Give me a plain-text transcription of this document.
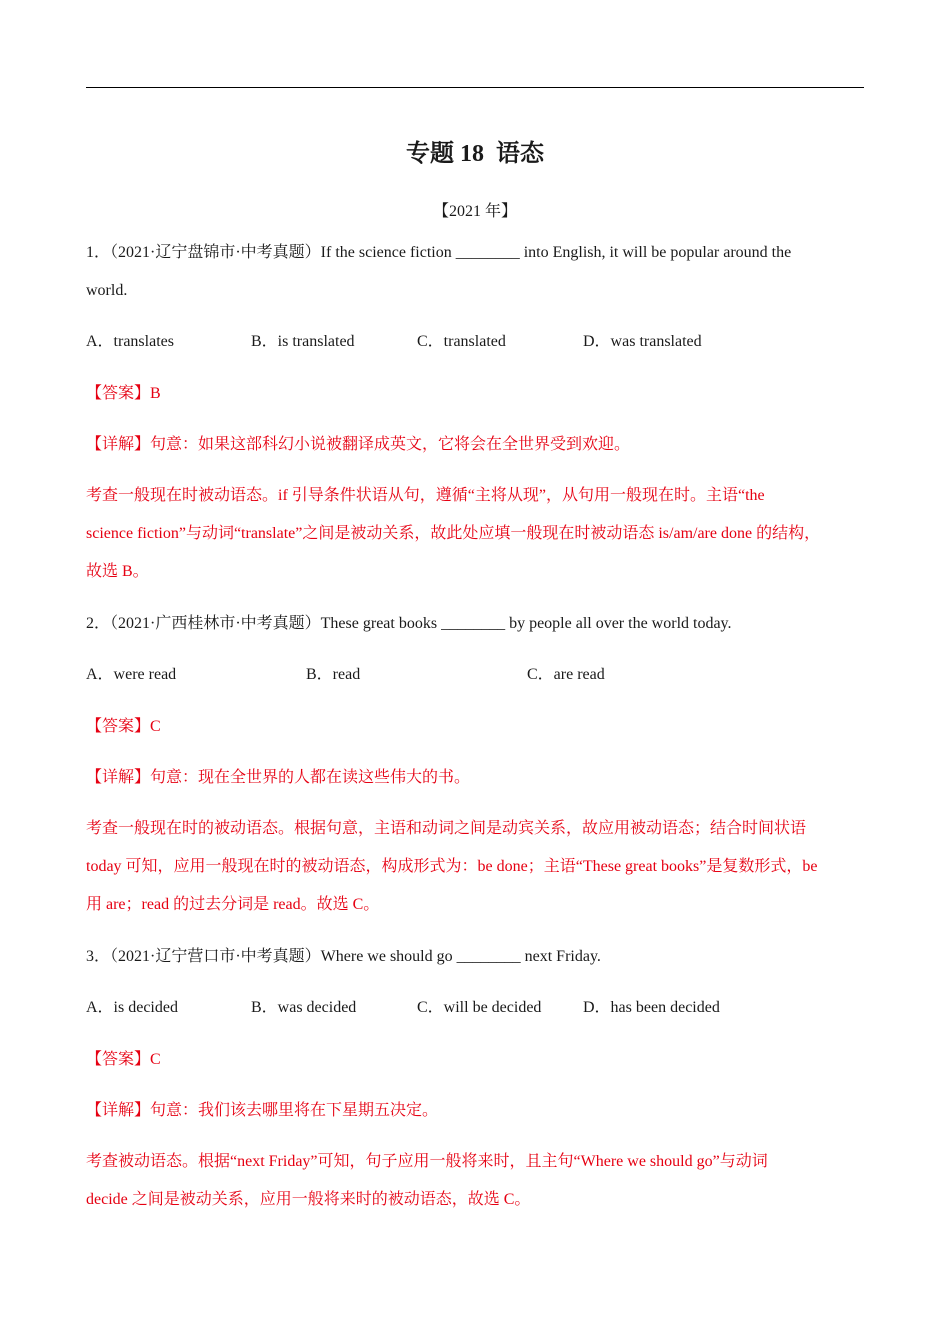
专题 18  语态
【2021 年】
1．（2021·辽宁盘锦市·中考真题）If the science fiction ________ into English, it will be popular around the
world.
A．translates	B．is translated	C．translated	D．was translated
【答案】B
【详解】句意：如果这部科幻小说被翻译成英文，它将会在全世界受到欢迎。
考查一般现在时被动语态。if 引导条件状语从句，遵循“主将从现”，从句用一般现在时。主语“the
science fiction”与动词“translate”之间是被动关系，故此处应填一般现在时被动语态 is/am/are done 的结构，
故选 B。
2．（2021·广西桂林市·中考真题）These great books ________ by people all over the world today.
A．were read	B．read	C．are read
【答案】C
【详解】句意：现在全世界的人都在读这些伟大的书。
考查一般现在时的被动语态。根据句意，主语和动词之间是动宾关系，故应用被动语态；结合时间状语
today 可知，应用一般现在时的被动语态，构成形式为：be done；主语“These great books”是复数形式，be
用 are；read 的过去分词是 read。故选 C。
3．（2021·辽宁营口市·中考真题）Where we should go ________ next Friday.
A．is decided	B．was decided	C．will be decided	D．has been decided
【答案】C
【详解】句意：我们该去哪里将在下星期五决定。
考查被动语态。根据“next Friday”可知，句子应用一般将来时，且主句“Where we should go”与动词
decide 之间是被动关系，应用一般将来时的被动语态，故选 C。
